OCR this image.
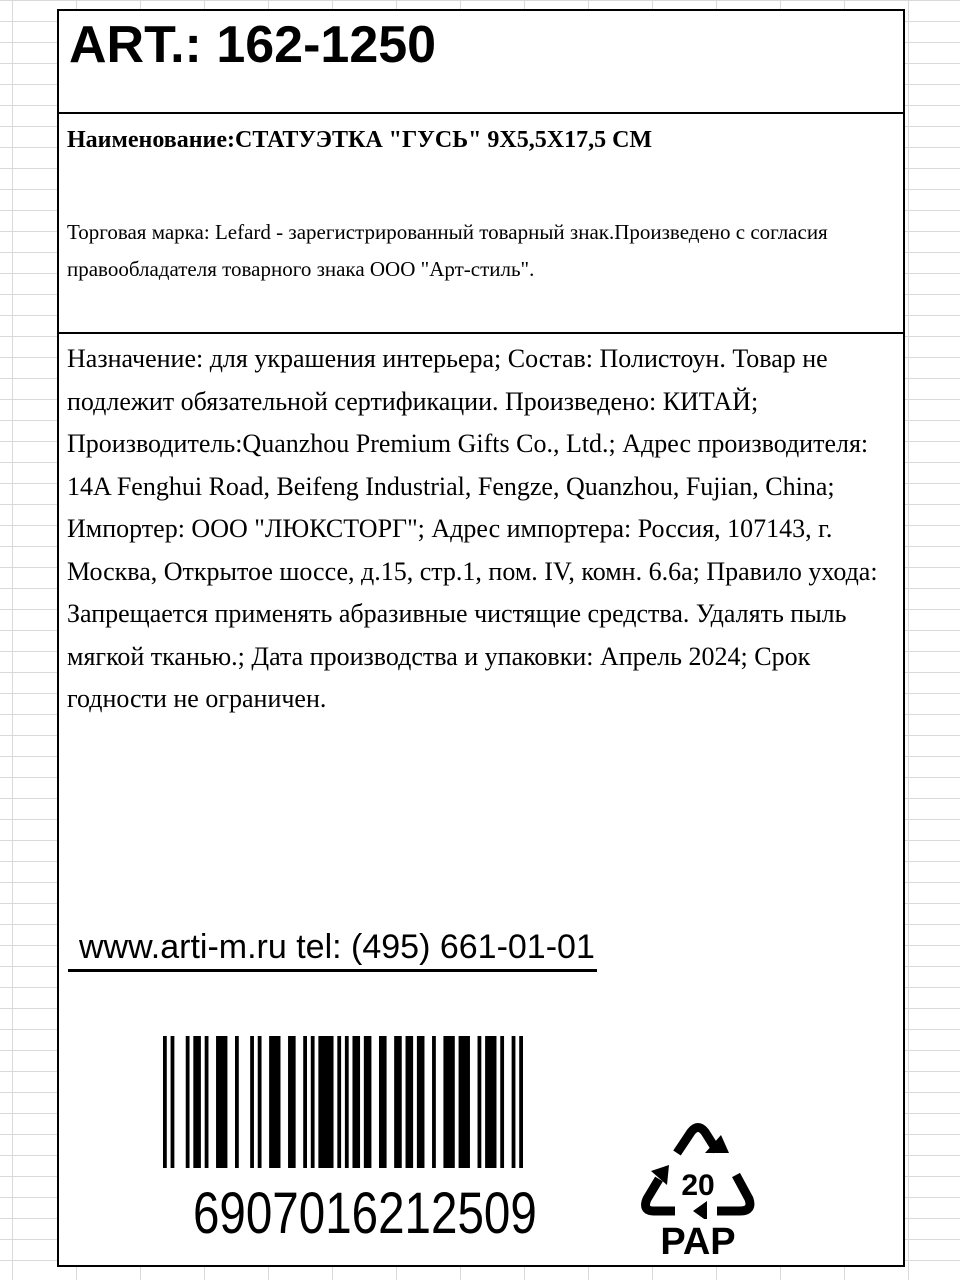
ART.: 162-1250

Наименование:СТАТУЭТКА "ГУСЬ" 9Х5,5Х17,5 СМ

Торговая марка: Lefard - зарегистрированный товарный знак.Произведено с согласия правообладателя товарного знака ООО "Арт-стиль".

Назначение: для украшения интерьера; Состав: Полистоун. Товар не подлежит обязательной сертификации. Произведено: КИТАЙ; Производитель:Quanzhou Premium Gifts Co., Ltd.; Адрес производителя: 14A Fenghui Road, Beifeng Industrial, Fengze, Quanzhou, Fujian, China; Импортер: ООО "ЛЮКСТОРГ"; Адрес импортера: Россия, 107143, г. Москва, Открытое шоссе, д.15, стр.1, пом. IV, комн. 6.6а; Правило ухода: Запрещается применять абразивные чистящие средства. Удалять пыль мягкой тканью.; Дата производства и упаковки: Апрель 2024; Срок годности не ограничен.

www.arti-m.ru tel: (495) 661-01-01
6907016212509	20
PAP
